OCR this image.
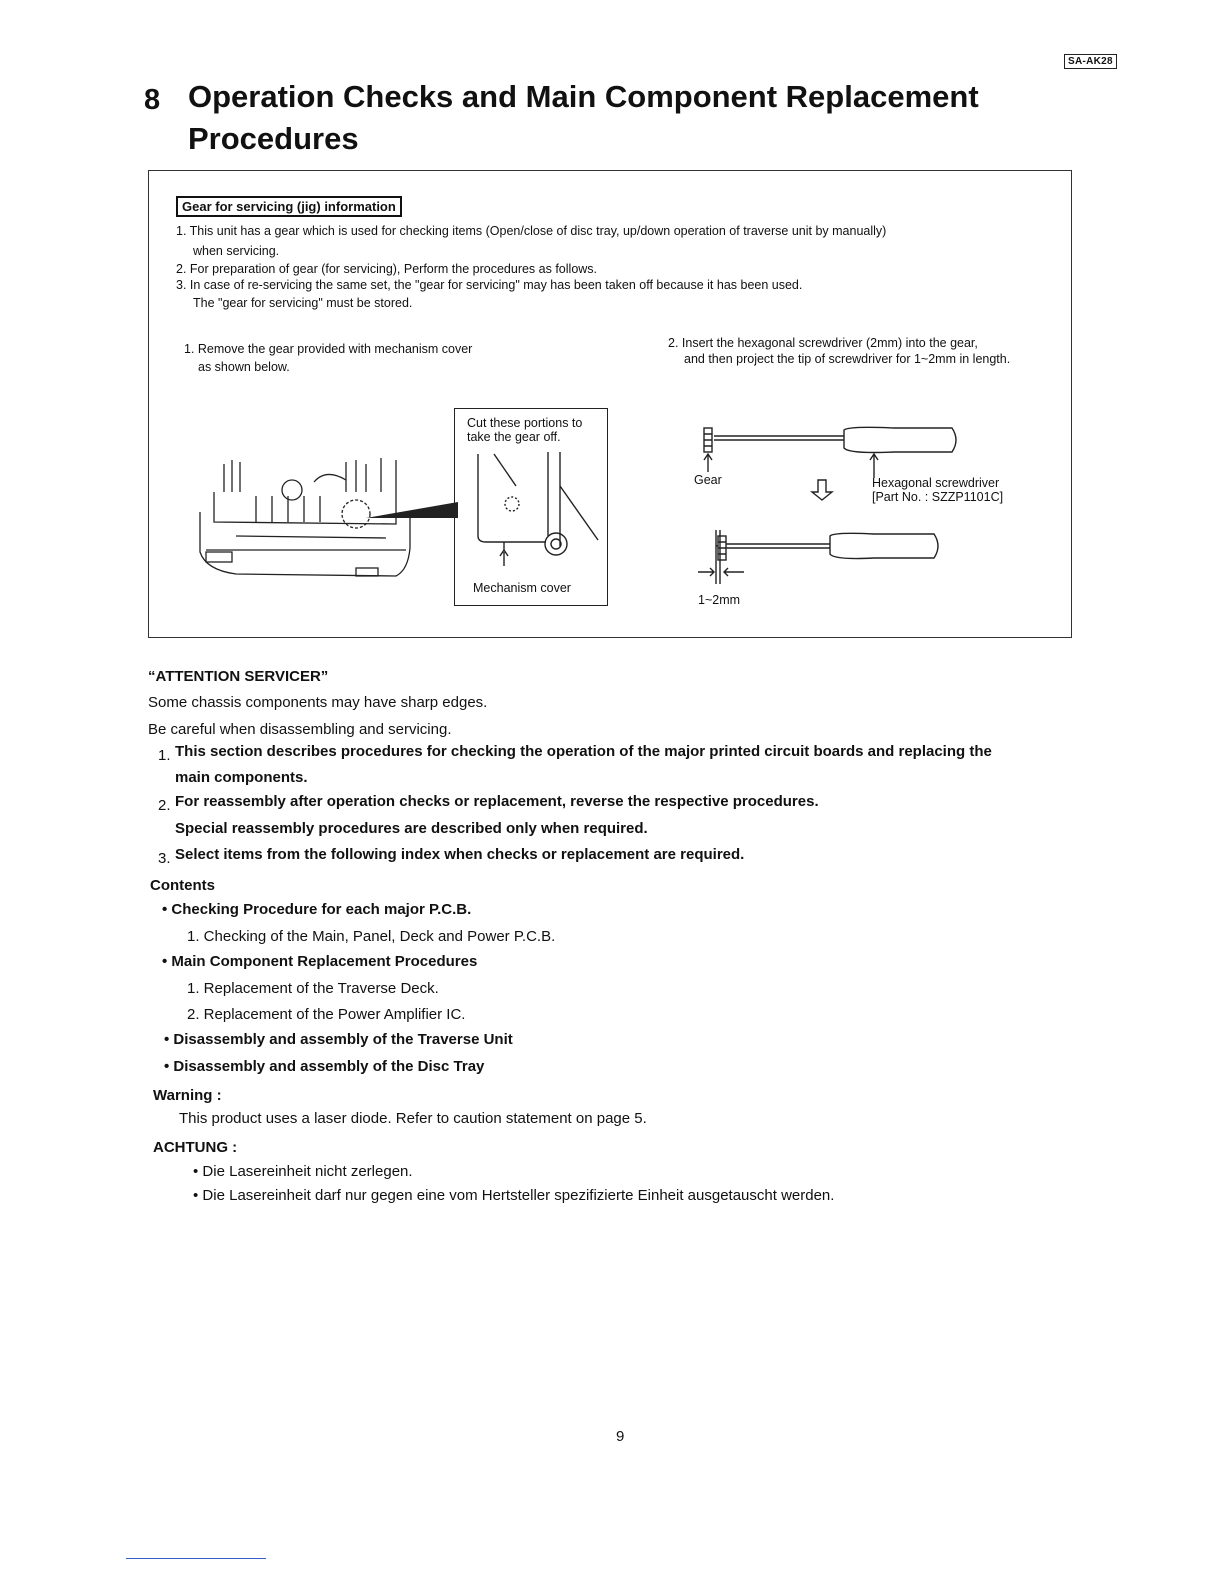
SA-AK28
8 Operation Checks and Main Component Replacement Procedures
Gear for servicing (jig) information
1. This unit has a gear which is used for checking items (Open/close of disc tray, up/down operation of traverse unit by manually)
when servicing.
2. For preparation of gear (for servicing), Perform the procedures as follows.
3. In case of re-servicing the same set, the "gear for servicing" may has been taken off because it has been used.
The "gear for servicing" must be stored.
1. Remove the gear provided with mechanism cover
as shown below.
2. Insert the hexagonal screwdriver (2mm) into the gear,
and then project the tip of screwdriver for 1~2mm in length.
Cut these portions to
take the gear off.
Mechanism cover
Gear	Hexagonal screwdriver
[Part No. : SZZP1101C]
1~2mm
“ATTENTION SERVICER”
Some chassis components may have sharp edges.
Be careful when disassembling and servicing.
1. This section describes procedures for checking the operation of the major printed circuit boards and replacing the
main components.
2. For reassembly after operation checks or replacement, reverse the respective procedures.
Special reassembly procedures are described only when required.
3. Select items from the following index when checks or replacement are required.
Contents
• Checking Procedure for each major P.C.B.
1. Checking of the Main, Panel, Deck and Power P.C.B.
• Main Component Replacement Procedures
1. Replacement of the Traverse Deck.
2. Replacement of the Power Amplifier IC.
• Disassembly and assembly of the Traverse Unit
• Disassembly and assembly of the Disc Tray
Warning :
This product uses a laser diode. Refer to caution statement on page 5.
ACHTUNG :
• Die Lasereinheit nicht zerlegen.
• Die Lasereinheit darf nur gegen eine vom Hertsteller spezifizierte Einheit ausgetauscht werden.
9
